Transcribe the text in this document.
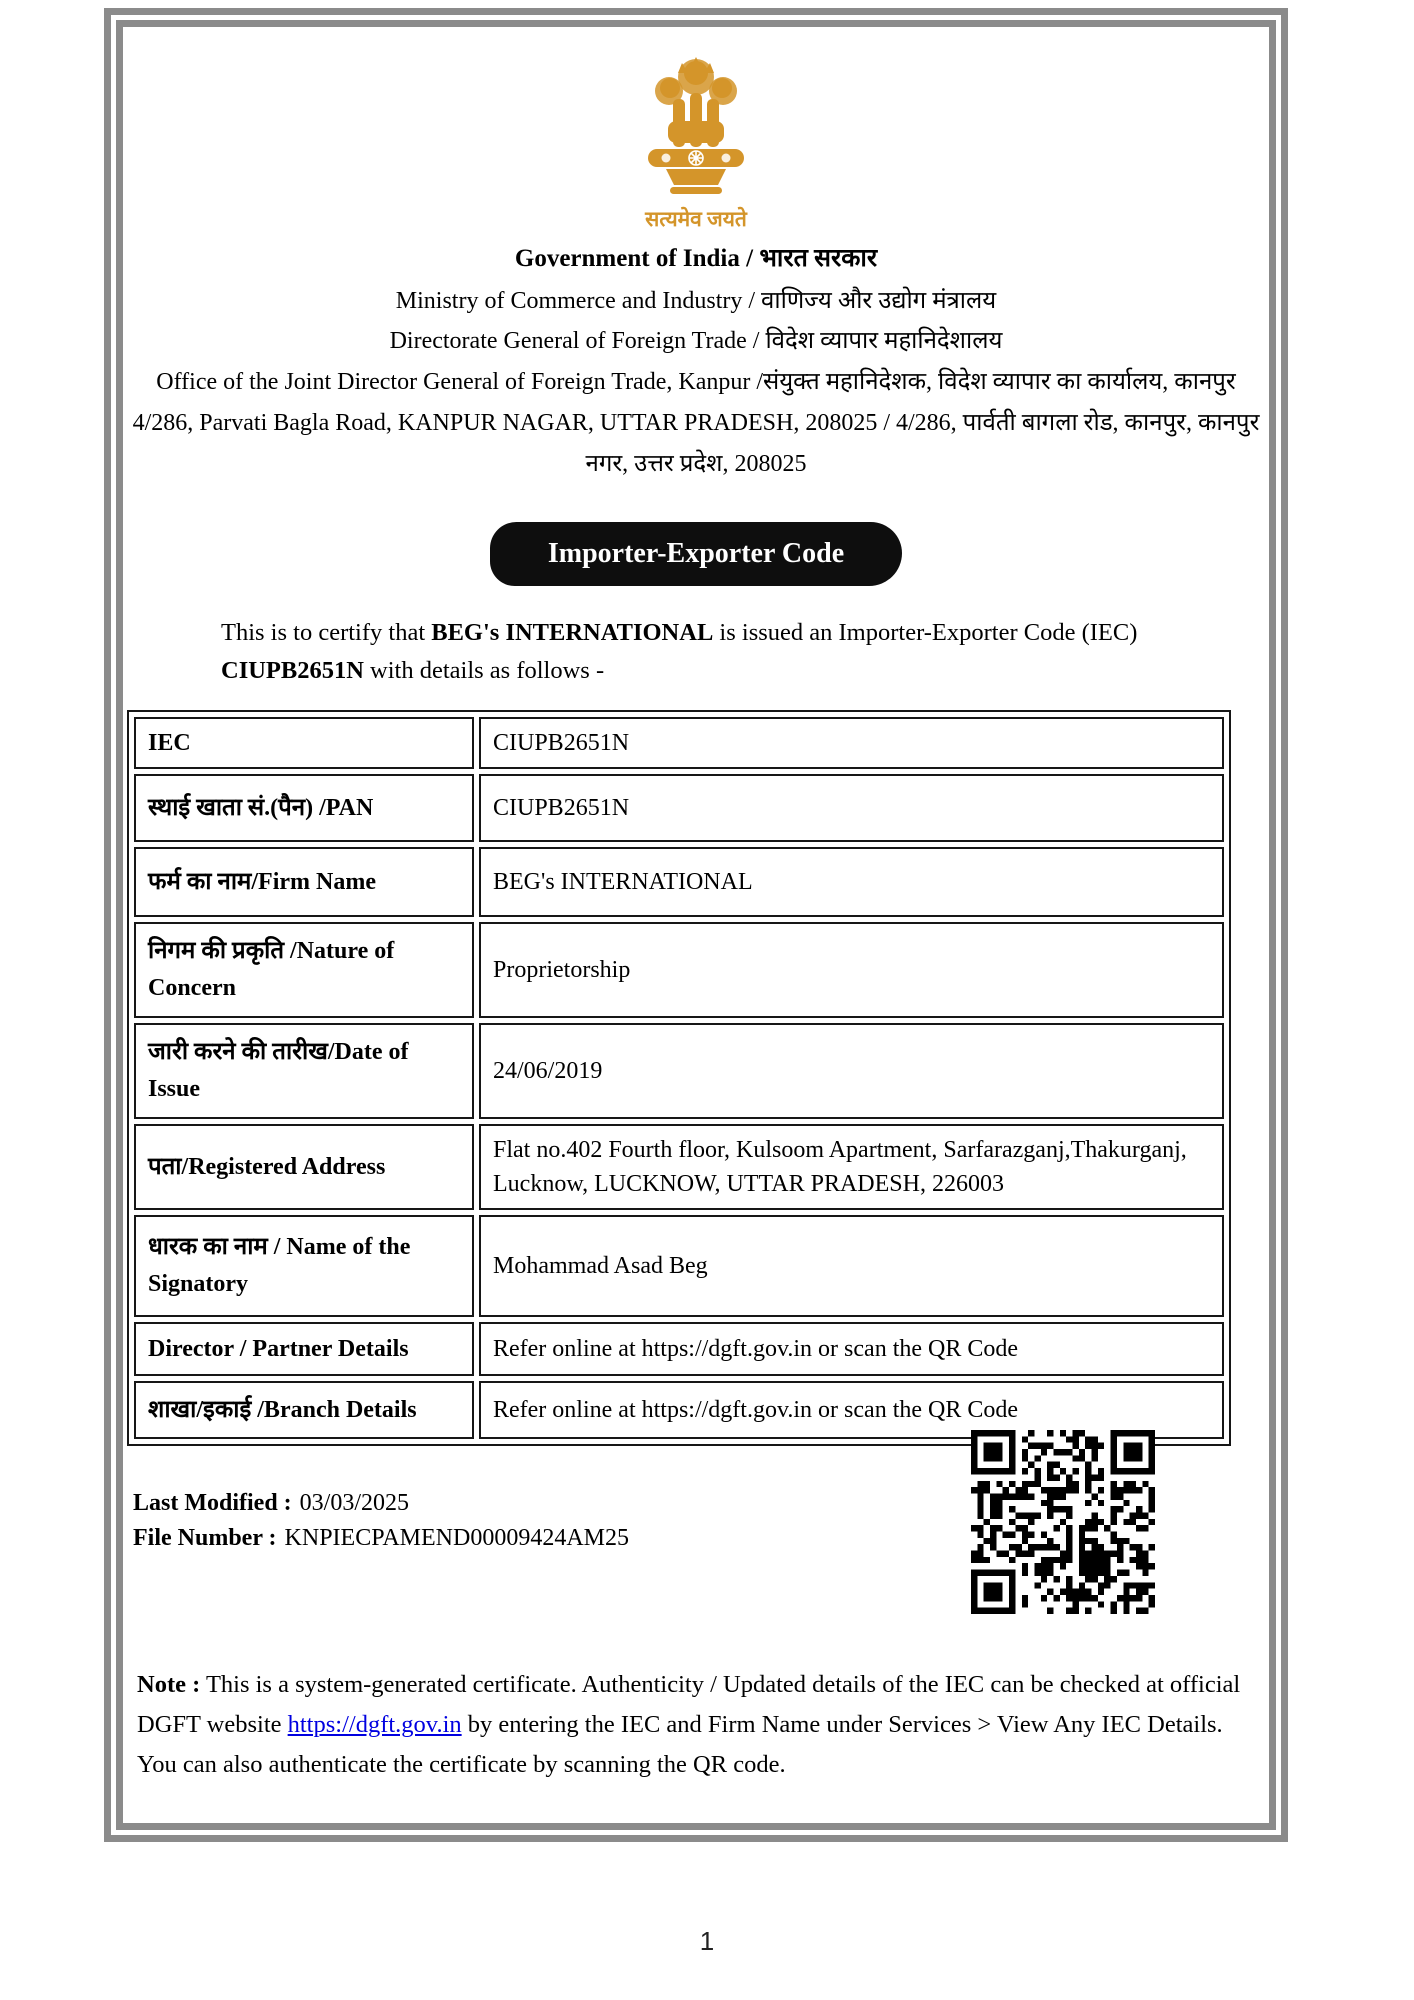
सत्यमेव जयते
Government of India / भारत सरकार
Ministry of Commerce and Industry / वाणिज्य और उद्योग मंत्रालय
Directorate General of Foreign Trade / विदेश व्यापार महानिदेशालय
Office of the Joint Director General of Foreign Trade, Kanpur /संयुक्त महानिदेशक, विदेश व्यापार का कार्यालय, कानपुर 4/286, Parvati Bagla Road, KANPUR NAGAR, UTTAR PRADESH, 208025 / 4/286, पार्वती बागला रोड, कानपुर, कानपुर नगर, उत्तर प्रदेश, 208025
Importer-Exporter Code

This is to certify that BEG's INTERNATIONAL is issued an Importer-Exporter Code (IEC) CIUPB2651N with details as follows -

IEC	CIUPB2651N
स्थाई खाता सं.(पैन) /PAN	CIUPB2651N
फर्म का नाम/Firm Name	BEG's INTERNATIONAL
निगम की प्रकृति /Nature of Concern	Proprietorship
जारी करने की तारीख/Date of Issue	24/06/2019
पता/Registered Address	Flat no.402 Fourth floor, Kulsoom Apartment, Sarfarazganj,Thakurganj, Lucknow, LUCKNOW, UTTAR PRADESH, 226003
धारक का नाम / Name of the Signatory	Mohammad Asad Beg
Director / Partner Details	Refer online at https://dgft.gov.in or scan the QR Code
शाखा/इकाई /Branch Details	Refer online at https://dgft.gov.in or scan the QR Code
Last Modified : 03/03/2025
File Number : KNPIECPAMEND00009424AM25

Note : This is a system-generated certificate. Authenticity / Updated details of the IEC can be checked at official DGFT website https://dgft.gov.in by entering the IEC and Firm Name under Services > View Any IEC Details. You can also authenticate the certificate by scanning the QR code.

1
